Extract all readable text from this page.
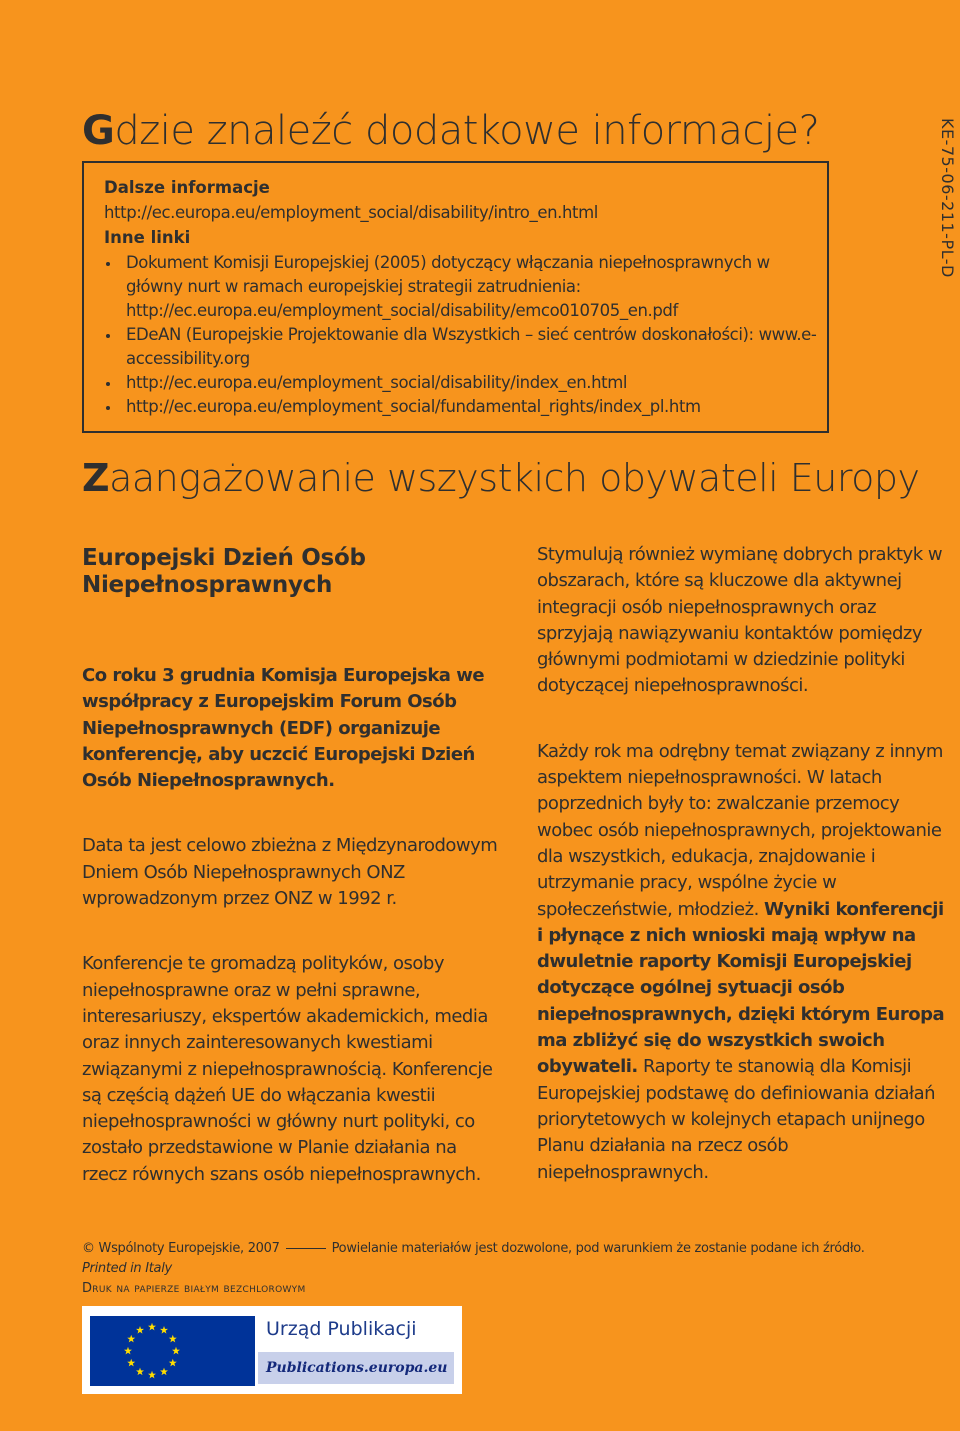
Gdzie znaleźć dodatkowe informacje?
Dalsze informacje
http://ec.europa.eu/employment_social/disability/intro_en.html
Inne linki
Dokument Komisji Europejskiej (2005) dotyczący włączania niepełnosprawnych w główny nurt w ramach europejskiej strategii zatrudnienia: http://ec.europa.eu/employment_social/disability/emco010705_en.pdf
EDeAN (Europejskie Projektowanie dla Wszystkich – sieć centrów doskonałości): www.e-accessibility.org
http://ec.europa.eu/employment_social/disability/index_en.html
http://ec.europa.eu/employment_social/fundamental_rights/index_pl.htm
KE-75-06-211-PL-D
Zaangażowanie wszystkich obywateli Europy
Europejski Dzień Osób Niepełnosprawnych

Co roku 3 grudnia Komisja Europejska we współpracy z Europejskim Forum Osób Niepełnosprawnych (EDF) organizuje konferencję, aby uczcić Europejski Dzień Osób Niepełnosprawnych.

Data ta jest celowo zbieżna z Międzynarodowym Dniem Osób Niepełnosprawnych ONZ wprowadzonym przez ONZ w 1992 r.

Konferencje te gromadzą polityków, osoby niepełnosprawne oraz w pełni sprawne, interesariuszy, ekspertów akademickich, media oraz innych zainteresowanych kwestiami związanymi z niepełnosprawnością. Konferencje są częścią dążeń UE do włączania kwestii niepełnosprawności w główny nurt polityki, co zostało przedstawione w Planie działania na rzecz równych szans osób niepełnosprawnych.

Stymulują również wymianę dobrych praktyk w obszarach, które są kluczowe dla aktywnej integracji osób niepełnosprawnych oraz sprzyjają nawiązywaniu kontaktów pomiędzy głównymi podmiotami w dziedzinie polityki dotyczącej niepełnosprawności.

Każdy rok ma odrębny temat związany z innym aspektem niepełnosprawności. W latach poprzednich były to: zwalczanie przemocy wobec osób niepełnosprawnych, projektowanie dla wszystkich, edukacja, znajdowanie i utrzymanie pracy, wspólne życie w społeczeństwie, młodzież. Wyniki konferencji i płynące z nich wnioski mają wpływ na dwuletnie raporty Komisji Europejskiej dotyczące ogólnej sytuacji osób niepełnosprawnych, dzięki którym Europa ma zbliżyć się do wszystkich swoich obywateli. Raporty te stanowią dla Komisji Europejskiej podstawę do definiowania działań priorytetowych w kolejnych etapach unijnego Planu działania na rzecz osób niepełnosprawnych.

© Wspólnoty Europejskie, 2007	Powielanie materiałów jest dozwolone, pod warunkiem że zostanie podane ich źródło.
Printed in Italy
Druk na papierze białym bezchlorowym
Urząd Publikacji
Publications.europa.eu
